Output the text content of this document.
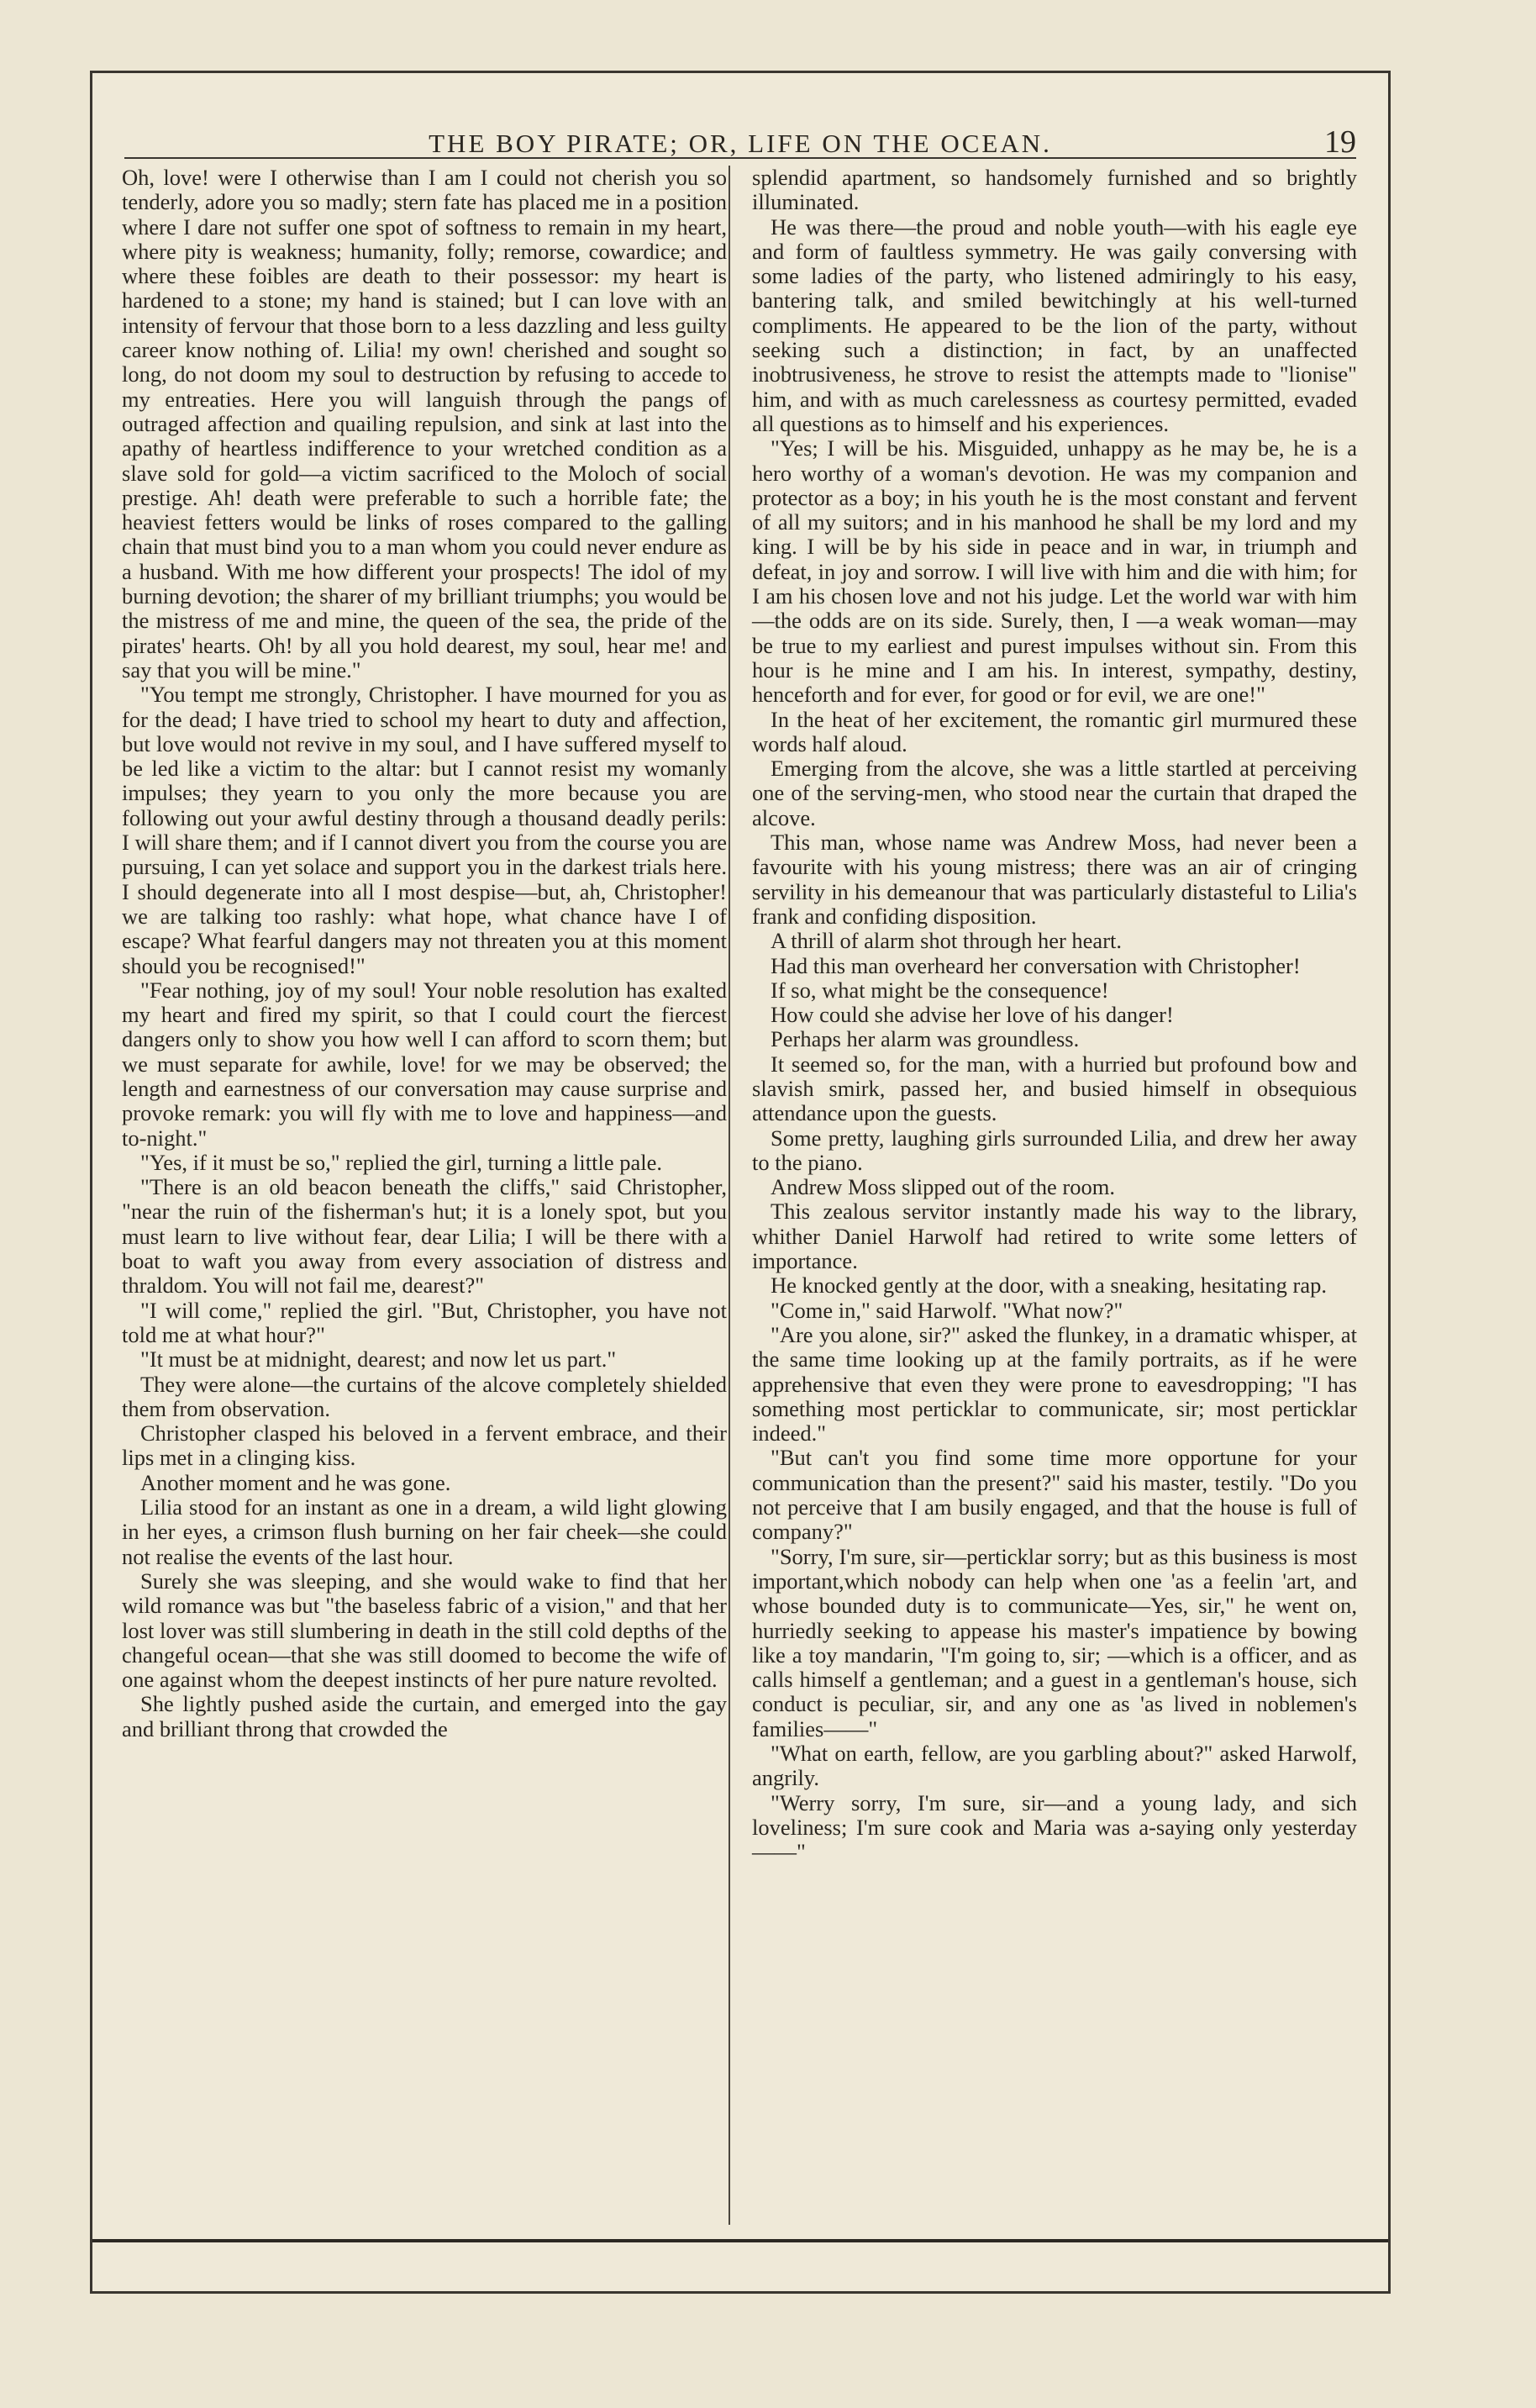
THE BOY PIRATE; OR, LIFE ON THE OCEAN.	19

Oh, love! were I otherwise than I am I could not cherish you so tenderly, adore you so madly; stern fate has placed me in a position where I dare not suffer one spot of softness to remain in my heart, where pity is weakness; humanity, folly; remorse, cowardice; and where these foibles are death to their possessor: my heart is hardened to a stone; my hand is stained; but I can love with an intensity of fervour that those born to a less dazzling and less guilty career know nothing of. Lilia! my own! cherished and sought so long, do not doom my soul to destruction by refusing to accede to my entreaties. Here you will languish through the pangs of outraged affection and quailing repulsion, and sink at last into the apathy of heartless indifference to your wretched condition as a slave sold for gold—a victim sacrificed to the Moloch of social prestige. Ah! death were preferable to such a horrible fate; the heaviest fetters would be links of roses compared to the galling chain that must bind you to a man whom you could never endure as a husband. With me how different your prospects! The idol of my burning devotion; the sharer of my brilliant triumphs; you would be the mistress of me and mine, the queen of the sea, the pride of the pirates' hearts. Oh! by all you hold dearest, my soul, hear me! and say that you will be mine."

"You tempt me strongly, Christopher. I have mourned for you as for the dead; I have tried to school my heart to duty and affection, but love would not revive in my soul, and I have suffered myself to be led like a victim to the altar: but I cannot resist my womanly impulses; they yearn to you only the more because you are following out your awful destiny through a thousand deadly perils: I will share them; and if I cannot divert you from the course you are pursuing, I can yet solace and support you in the darkest trials here. I should degenerate into all I most despise—but, ah, Christopher! we are talking too rashly: what hope, what chance have I of escape? What fearful dangers may not threaten you at this moment should you be recognised!"

"Fear nothing, joy of my soul! Your noble resolution has exalted my heart and fired my spirit, so that I could court the fiercest dangers only to show you how well I can afford to scorn them; but we must separate for awhile, love! for we may be observed; the length and earnestness of our conversation may cause surprise and provoke remark: you will fly with me to love and happiness—and to-night."

"Yes, if it must be so," replied the girl, turning a little pale.

"There is an old beacon beneath the cliffs," said Christopher, "near the ruin of the fisherman's hut; it is a lonely spot, but you must learn to live without fear, dear Lilia; I will be there with a boat to waft you away from every association of distress and thraldom. You will not fail me, dearest?"

"I will come," replied the girl. "But, Christopher, you have not told me at what hour?"

"It must be at midnight, dearest; and now let us part."

They were alone—the curtains of the alcove completely shielded them from observation.

Christopher clasped his beloved in a fervent embrace, and their lips met in a clinging kiss.

Another moment and he was gone.

Lilia stood for an instant as one in a dream, a wild light glowing in her eyes, a crimson flush burning on her fair cheek—she could not realise the events of the last hour.

Surely she was sleeping, and she would wake to find that her wild romance was but "the baseless fabric of a vision," and that her lost lover was still slumbering in death in the still cold depths of the changeful ocean—that she was still doomed to become the wife of one against whom the deepest instincts of her pure nature revolted.

She lightly pushed aside the curtain, and emerged into the gay and brilliant throng that crowded the

splendid apartment, so handsomely furnished and so brightly illuminated.

He was there—the proud and noble youth—with his eagle eye and form of faultless symmetry. He was gaily conversing with some ladies of the party, who listened admiringly to his easy, bantering talk, and smiled bewitchingly at his well-turned compliments. He appeared to be the lion of the party, without seeking such a distinction; in fact, by an unaffected inobtrusiveness, he strove to resist the attempts made to "lionise" him, and with as much carelessness as courtesy permitted, evaded all questions as to himself and his experiences.

"Yes; I will be his. Misguided, unhappy as he may be, he is a hero worthy of a woman's devotion. He was my companion and protector as a boy; in his youth he is the most constant and fervent of all my suitors; and in his manhood he shall be my lord and my king. I will be by his side in peace and in war, in triumph and defeat, in joy and sorrow. I will live with him and die with him; for I am his chosen love and not his judge. Let the world war with him—the odds are on its side. Surely, then, I —a weak woman—may be true to my earliest and purest impulses without sin. From this hour is he mine and I am his. In interest, sympathy, destiny, henceforth and for ever, for good or for evil, we are one!"

In the heat of her excitement, the romantic girl murmured these words half aloud.

Emerging from the alcove, she was a little startled at perceiving one of the serving-men, who stood near the curtain that draped the alcove.

This man, whose name was Andrew Moss, had never been a favourite with his young mistress; there was an air of cringing servility in his demeanour that was particularly distasteful to Lilia's frank and confiding disposition.

A thrill of alarm shot through her heart.

Had this man overheard her conversation with Christopher!

If so, what might be the consequence!

How could she advise her love of his danger!

Perhaps her alarm was groundless.

It seemed so, for the man, with a hurried but profound bow and slavish smirk, passed her, and busied himself in obsequious attendance upon the guests.

Some pretty, laughing girls surrounded Lilia, and drew her away to the piano.

Andrew Moss slipped out of the room.

This zealous servitor instantly made his way to the library, whither Daniel Harwolf had retired to write some letters of importance.

He knocked gently at the door, with a sneaking, hesitating rap.

"Come in," said Harwolf. "What now?"

"Are you alone, sir?" asked the flunkey, in a dramatic whisper, at the same time looking up at the family portraits, as if he were apprehensive that even they were prone to eavesdropping; "I has something most perticklar to communicate, sir; most perticklar indeed."

"But can't you find some time more opportune for your communication than the present?" said his master, testily. "Do you not perceive that I am busily engaged, and that the house is full of company?"

"Sorry, I'm sure, sir—perticklar sorry; but as this business is most important,which nobody can help when one 'as a feelin 'art, and whose bounded duty is to communicate—Yes, sir," he went on, hurriedly seeking to appease his master's impatience by bowing like a toy mandarin, "I'm going to, sir; —which is a officer, and as calls himself a gentleman; and a guest in a gentleman's house, sich conduct is peculiar, sir, and any one as 'as lived in noblemen's families——"

"What on earth, fellow, are you garbling about?" asked Harwolf, angrily.

"Werry sorry, I'm sure, sir—and a young lady, and sich loveliness; I'm sure cook and Maria was a-saying only yesterday——"
